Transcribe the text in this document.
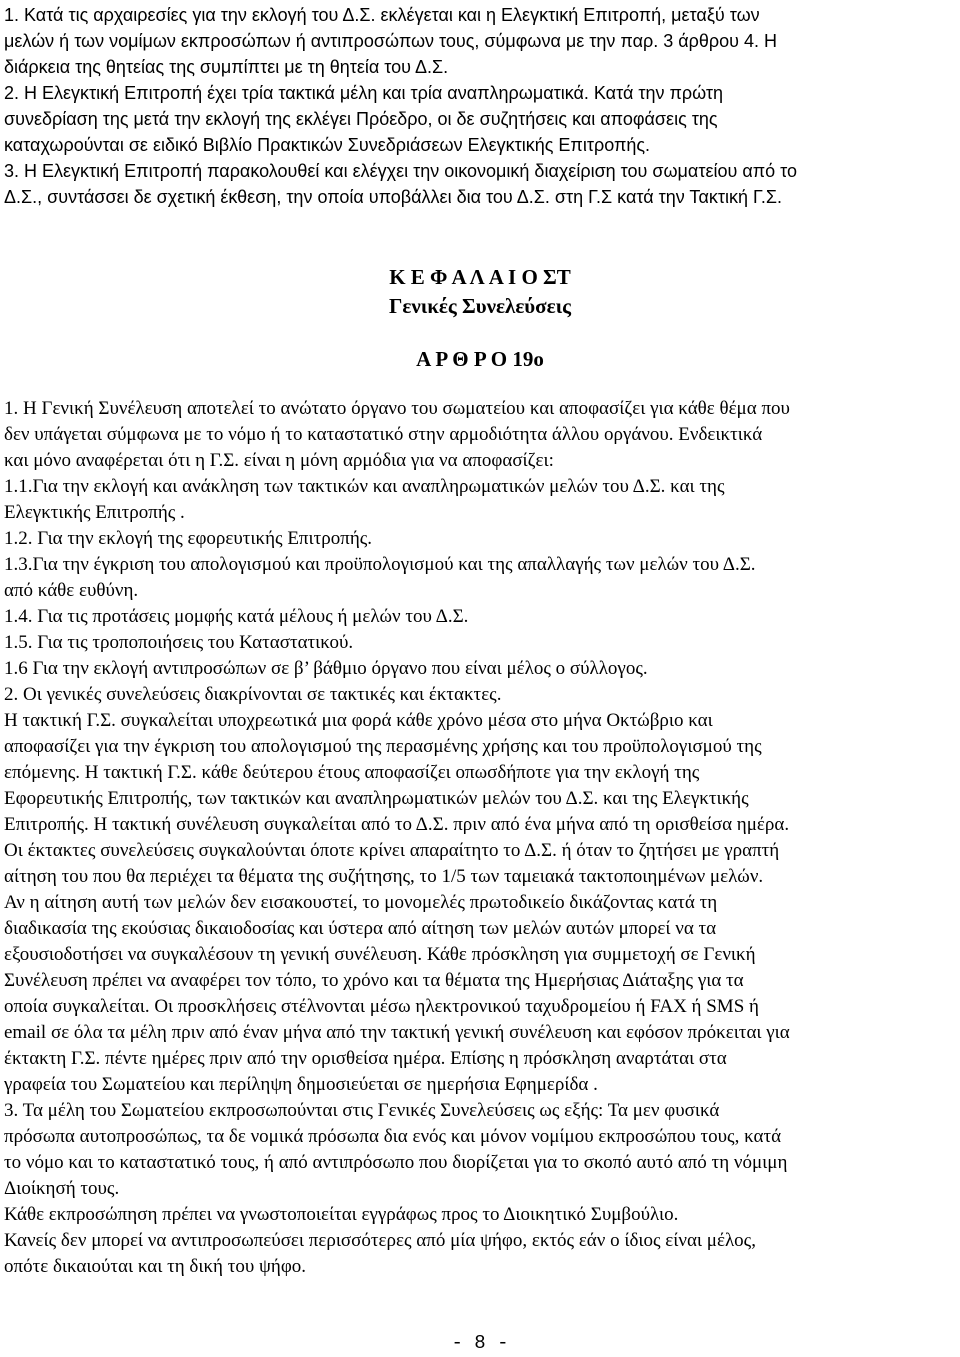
1. Κατά τις αρχαιρεσίες για την εκλογή του Δ.Σ. εκλέγεται και η Ελεγκτική Επιτροπή, μεταξύ των
μελών ή των νομίμων εκπροσώπων ή αντιπροσώπων τους, σύμφωνα με την παρ. 3 άρθρου 4. Η
διάρκεια της θητείας της συμπίπτει με τη θητεία του Δ.Σ.
2. Η Ελεγκτική Επιτροπή έχει τρία τακτικά μέλη και τρία αναπληρωματικά. Κατά την πρώτη
συνεδρίαση της μετά την εκλογή της εκλέγει Πρόεδρο, οι δε συζητήσεις και αποφάσεις της
καταχωρούνται σε ειδικό Βιβλίο Πρακτικών Συνεδριάσεων Ελεγκτικής Επιτροπής.
3. Η Ελεγκτική Επιτροπή παρακολουθεί και ελέγχει την οικονομική διαχείριση του σωματείου από το
Δ.Σ., συντάσσει δε σχετική έκθεση, την οποία υποβάλλει δια του Δ.Σ. στη Γ.Σ κατά την Τακτική Γ.Σ.
Κ Ε Φ Α Λ Α Ι Ο ΣΤ
Γενικές Συνελεύσεις
Α Ρ Θ Ρ Ο 19ο
1. Η Γενική Συνέλευση αποτελεί το ανώτατο όργανο του σωματείου και αποφασίζει για κάθε θέμα που
δεν υπάγεται σύμφωνα με το νόμο ή το καταστατικό στην αρμοδιότητα άλλου οργάνου. Ενδεικτικά
και μόνο αναφέρεται ότι η Γ.Σ. είναι η μόνη αρμόδια για να αποφασίζει:
1.1.Για την εκλογή και ανάκληση των τακτικών και αναπληρωματικών μελών του Δ.Σ. και της
Ελεγκτικής Επιτροπής .
1.2. Για την εκλογή της εφορευτικής Επιτροπής.
1.3.Για την έγκριση του απολογισμού και προϋπολογισμού και της απαλλαγής των μελών του Δ.Σ.
από κάθε ευθύνη.
1.4. Για τις προτάσεις μομφής κατά μέλους ή μελών του Δ.Σ.
1.5. Για τις τροποποιήσεις του Καταστατικού.
1.6 Για την εκλογή αντιπροσώπων σε β’ βάθμιο όργανο που είναι μέλος ο σύλλογος.
2. Οι γενικές συνελεύσεις διακρίνονται σε τακτικές και έκτακτες.
Η τακτική Γ.Σ. συγκαλείται υποχρεωτικά μια φορά κάθε χρόνο μέσα στο μήνα Οκτώβριο και
αποφασίζει για την έγκριση του απολογισμού της περασμένης χρήσης και του προϋπολογισμού της
επόμενης. Η τακτική Γ.Σ. κάθε δεύτερου έτους αποφασίζει οπωσδήποτε για την εκλογή της
Εφορευτικής Επιτροπής, των τακτικών και αναπληρωματικών μελών του Δ.Σ. και της Ελεγκτικής
Επιτροπής. Η τακτική συνέλευση συγκαλείται από το Δ.Σ. πριν από ένα μήνα από τη ορισθείσα ημέρα.
Οι έκτακτες συνελεύσεις συγκαλούνται όποτε κρίνει απαραίτητο το Δ.Σ. ή όταν το ζητήσει με γραπτή
αίτηση του που θα περιέχει τα θέματα της συζήτησης, το 1/5 των ταμειακά τακτοποιημένων μελών.
Αν η αίτηση αυτή των μελών δεν εισακουστεί, το μονομελές πρωτοδικείο δικάζοντας κατά τη
διαδικασία της εκούσιας δικαιοδοσίας και ύστερα από αίτηση των μελών αυτών μπορεί να τα
εξουσιοδοτήσει να συγκαλέσουν τη γενική συνέλευση. Κάθε πρόσκληση για συμμετοχή σε Γενική
Συνέλευση πρέπει να αναφέρει τον τόπο, το χρόνο και τα θέματα της Ημερήσιας Διάταξης για τα
οποία συγκαλείται. Οι προσκλήσεις στέλνονται μέσω ηλεκτρονικού ταχυδρομείου ή FAX ή SMS ή
email σε όλα τα μέλη πριν από έναν μήνα από την τακτική γενική συνέλευση και εφόσον πρόκειται για
έκτακτη Γ.Σ. πέντε ημέρες πριν από την ορισθείσα ημέρα. Επίσης η πρόσκληση αναρτάται στα
γραφεία του Σωματείου και περίληψη δημοσιεύεται σε ημερήσια Εφημερίδα .
3. Τα μέλη του Σωματείου εκπροσωπούνται στις Γενικές Συνελεύσεις ως εξής: Τα μεν φυσικά
πρόσωπα αυτοπροσώπως, τα δε νομικά πρόσωπα δια ενός και μόνον νομίμου εκπροσώπου τους, κατά
το νόμο και το καταστατικό τους, ή από αντιπρόσωπο που διορίζεται για το σκοπό αυτό από τη νόμιμη
Διοίκησή τους.
Κάθε εκπροσώπηση πρέπει να γνωστοποιείται εγγράφως προς το Διοικητικό Συμβούλιο.
Κανείς δεν μπορεί να αντιπροσωπεύσει περισσότερες από μία ψήφο, εκτός εάν ο ίδιος είναι μέλος,
οπότε δικαιούται και τη δική του ψήφο.
- 8 -
